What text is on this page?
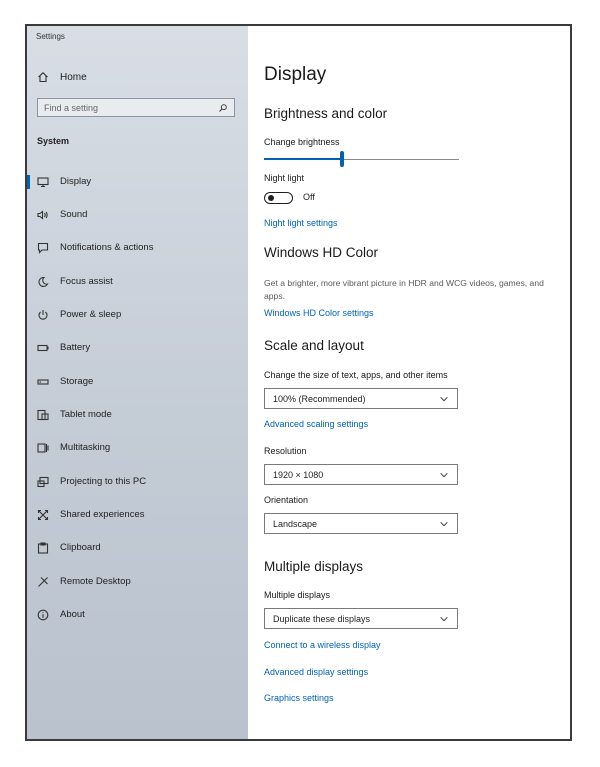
Settings
Home
Find a setting
System
Display
Sound
Notifications & actions
Focus assist
Power & sleep
Battery
Storage
Tablet mode
Multitasking
Projecting to this PC
Shared experiences
Clipboard
Remote Desktop
About
Display
Brightness and color
Change brightness
Night light
Off
Night light settings
Windows HD Color
Get a brighter, more vibrant picture in HDR and WCG videos, games, and apps.
Windows HD Color settings
Scale and layout
Change the size of text, apps, and other items
100% (Recommended)
Advanced scaling settings
Resolution
1920 × 1080
Orientation
Landscape
Multiple displays
Multiple displays
Duplicate these displays
Connect to a wireless display
Advanced display settings
Graphics settings
